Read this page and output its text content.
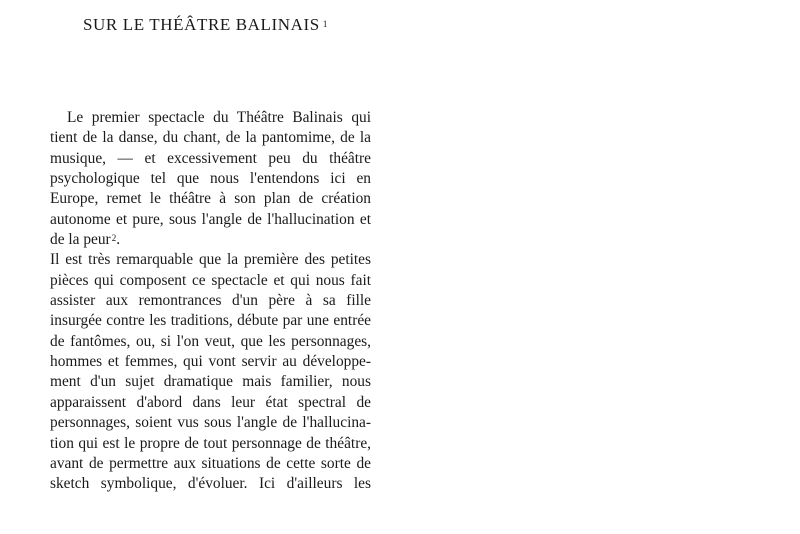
SUR LE THÉÂTRE BALINAIS $^1$

Le premier spectacle du Théâtre Balinais qui
tient de la danse, du chant, de la pantomime, de la
musique, — et excessivement peu du théâtre
psychologique tel que nous l'entendons ici en
Europe, remet le théâtre à son plan de création
autonome et pure, sous l'angle de l'hallucination et
de la peur$^2$.

Il est très remarquable que la première des petites
pièces qui composent ce spectacle et qui nous fait
assister aux remontrances d'un père à sa fille
insurgée contre les traditions, débute par une entrée
de fantômes, ou, si l'on veut, que les personnages,
hommes et femmes, qui vont servir au développe-
ment d'un sujet dramatique mais familier, nous
apparaissent d'abord dans leur état spectral de
personnages, soient vus sous l'angle de l'hallucina-
tion qui est le propre de tout personnage de théâtre,
avant de permettre aux situations de cette sorte de
sketch symbolique, d'évoluer. Ici d'ailleurs les
